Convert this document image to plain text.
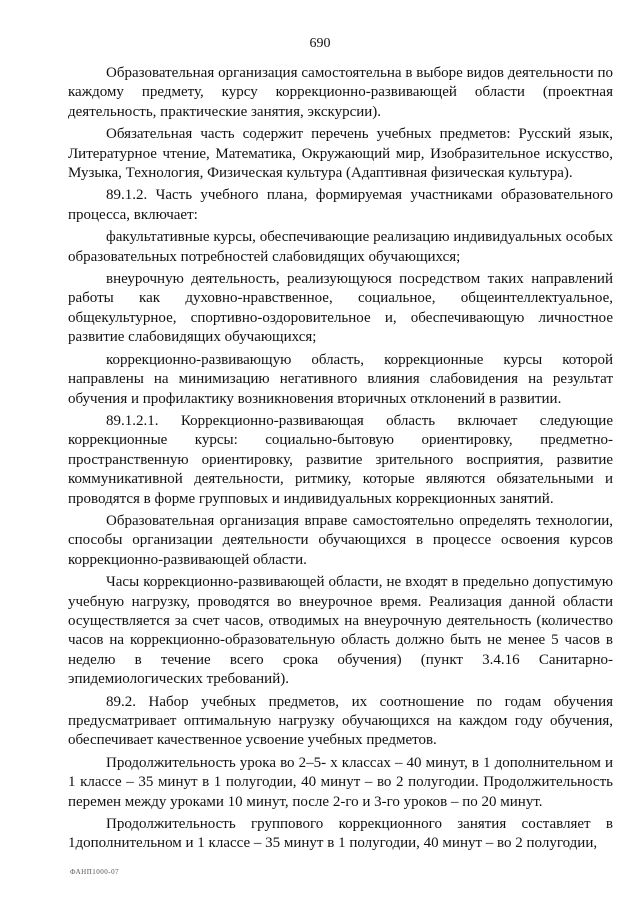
690

Образовательная организация самостоятельна в выборе видов деятельности по каждому предмету, курсу коррекционно-развивающей области (проектная деятельность, практические занятия, экскурсии).

Обязательная часть содержит перечень учебных предметов: Русский язык, Литературное чтение, Математика, Окружающий мир, Изобразительное искусство, Музыка, Технология, Физическая культура (Адаптивная физическая культура).

89.1.2. Часть учебного плана, формируемая участниками образовательного процесса, включает:

факультативные курсы, обеспечивающие реализацию индивидуальных особых образовательных потребностей слабовидящих обучающихся;

внеурочную деятельность, реализующуюся посредством таких направлений работы как духовно-нравственное, социальное, общеинтеллектуальное, общекультурное, спортивно-оздоровительное и, обеспечивающую личностное развитие слабовидящих обучающихся;

коррекционно-развивающую область, коррекционные курсы которой направлены на минимизацию негативного влияния слабовидения на результат обучения и профилактику возникновения вторичных отклонений в развитии.

89.1.2.1. Коррекционно-развивающая область включает следующие коррекционные курсы: социально-бытовую ориентировку, предметно-пространственную ориентировку, развитие зрительного восприятия, развитие коммуникативной деятельности, ритмику, которые являются обязательными и проводятся в форме групповых и индивидуальных коррекционных занятий.

Образовательная организация вправе самостоятельно определять технологии, способы организации деятельности обучающихся в процессе освоения курсов коррекционно-развивающей области.

Часы коррекционно-развивающей области, не входят в предельно допустимую учебную нагрузку, проводятся во внеурочное время. Реализация данной области осуществляется за счет часов, отводимых на внеурочную деятельность (количество часов на коррекционно-образовательную область должно быть не менее 5 часов в неделю в течение всего срока обучения) (пункт 3.4.16 Санитарно-эпидемиологических требований).

89.2. Набор учебных предметов, их соотношение по годам обучения предусматривает оптимальную нагрузку обучающихся на каждом году обучения, обеспечивает качественное усвоение учебных предметов.

Продолжительность урока во 2–5- х классах – 40 минут, в 1 дополнительном и 1 классе – 35 минут в 1 полугодии, 40 минут – во 2 полугодии. Продолжительность перемен между уроками 10 минут, после 2-го и 3-го уроков – по 20 минут.

Продолжительность группового коррекционного занятия составляет в 1дополнительном и 1 классе – 35 минут в 1 полугодии, 40 минут – во 2 полугодии,

ФАНП1000-07
